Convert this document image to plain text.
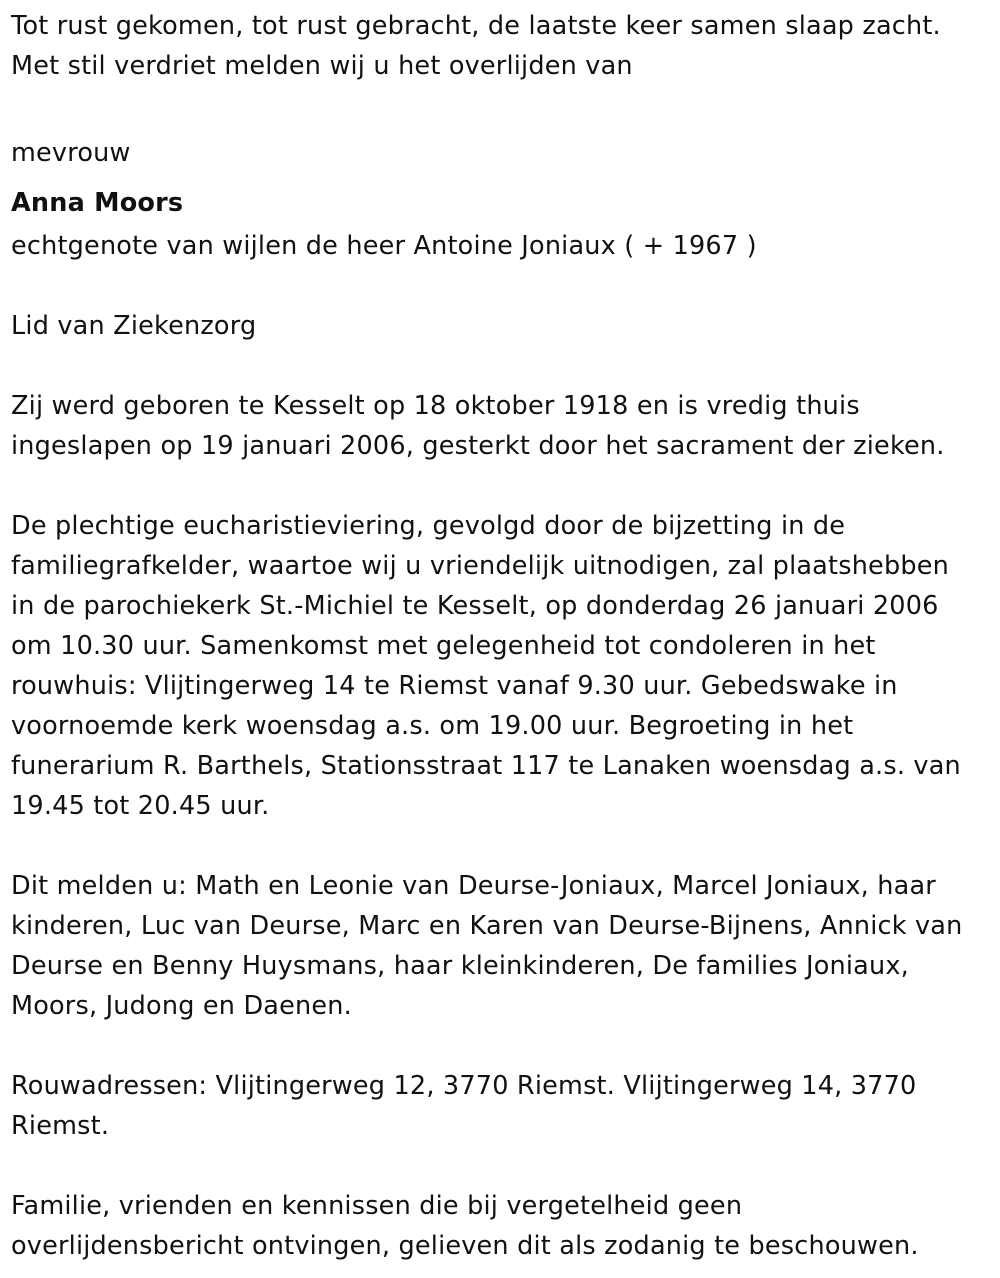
Tot rust gekomen, tot rust gebracht, de laatste keer samen slaap zacht.
Met stil verdriet melden wij u het overlijden van
mevrouw
Anna Moors
echtgenote van wijlen de heer Antoine Joniaux ( + 1967 )
Lid van Ziekenzorg
Zij werd geboren te Kesselt op 18 oktober 1918 en is vredig thuis
ingeslapen op 19 januari 2006, gesterkt door het sacrament der zieken.
De plechtige eucharistieviering, gevolgd door de bijzetting in de
familiegrafkelder, waartoe wij u vriendelijk uitnodigen, zal plaatshebben
in de parochiekerk St.-Michiel te Kesselt, op donderdag 26 januari 2006
om 10.30 uur. Samenkomst met gelegenheid tot condoleren in het
rouwhuis: Vlijtingerweg 14 te Riemst vanaf 9.30 uur. Gebedswake in
voornoemde kerk woensdag a.s. om 19.00 uur. Begroeting in het
funerarium R. Barthels, Stationsstraat 117 te Lanaken woensdag a.s. van
19.45 tot 20.45 uur.
Dit melden u: Math en Leonie van Deurse-Joniaux, Marcel Joniaux, haar
kinderen, Luc van Deurse, Marc en Karen van Deurse-Bijnens, Annick van
Deurse en Benny Huysmans, haar kleinkinderen, De families Joniaux,
Moors, Judong en Daenen.
Rouwadressen: Vlijtingerweg 12, 3770 Riemst. Vlijtingerweg 14, 3770
Riemst.
Familie, vrienden en kennissen die bij vergetelheid geen
overlijdensbericht ontvingen, gelieven dit als zodanig te beschouwen.
